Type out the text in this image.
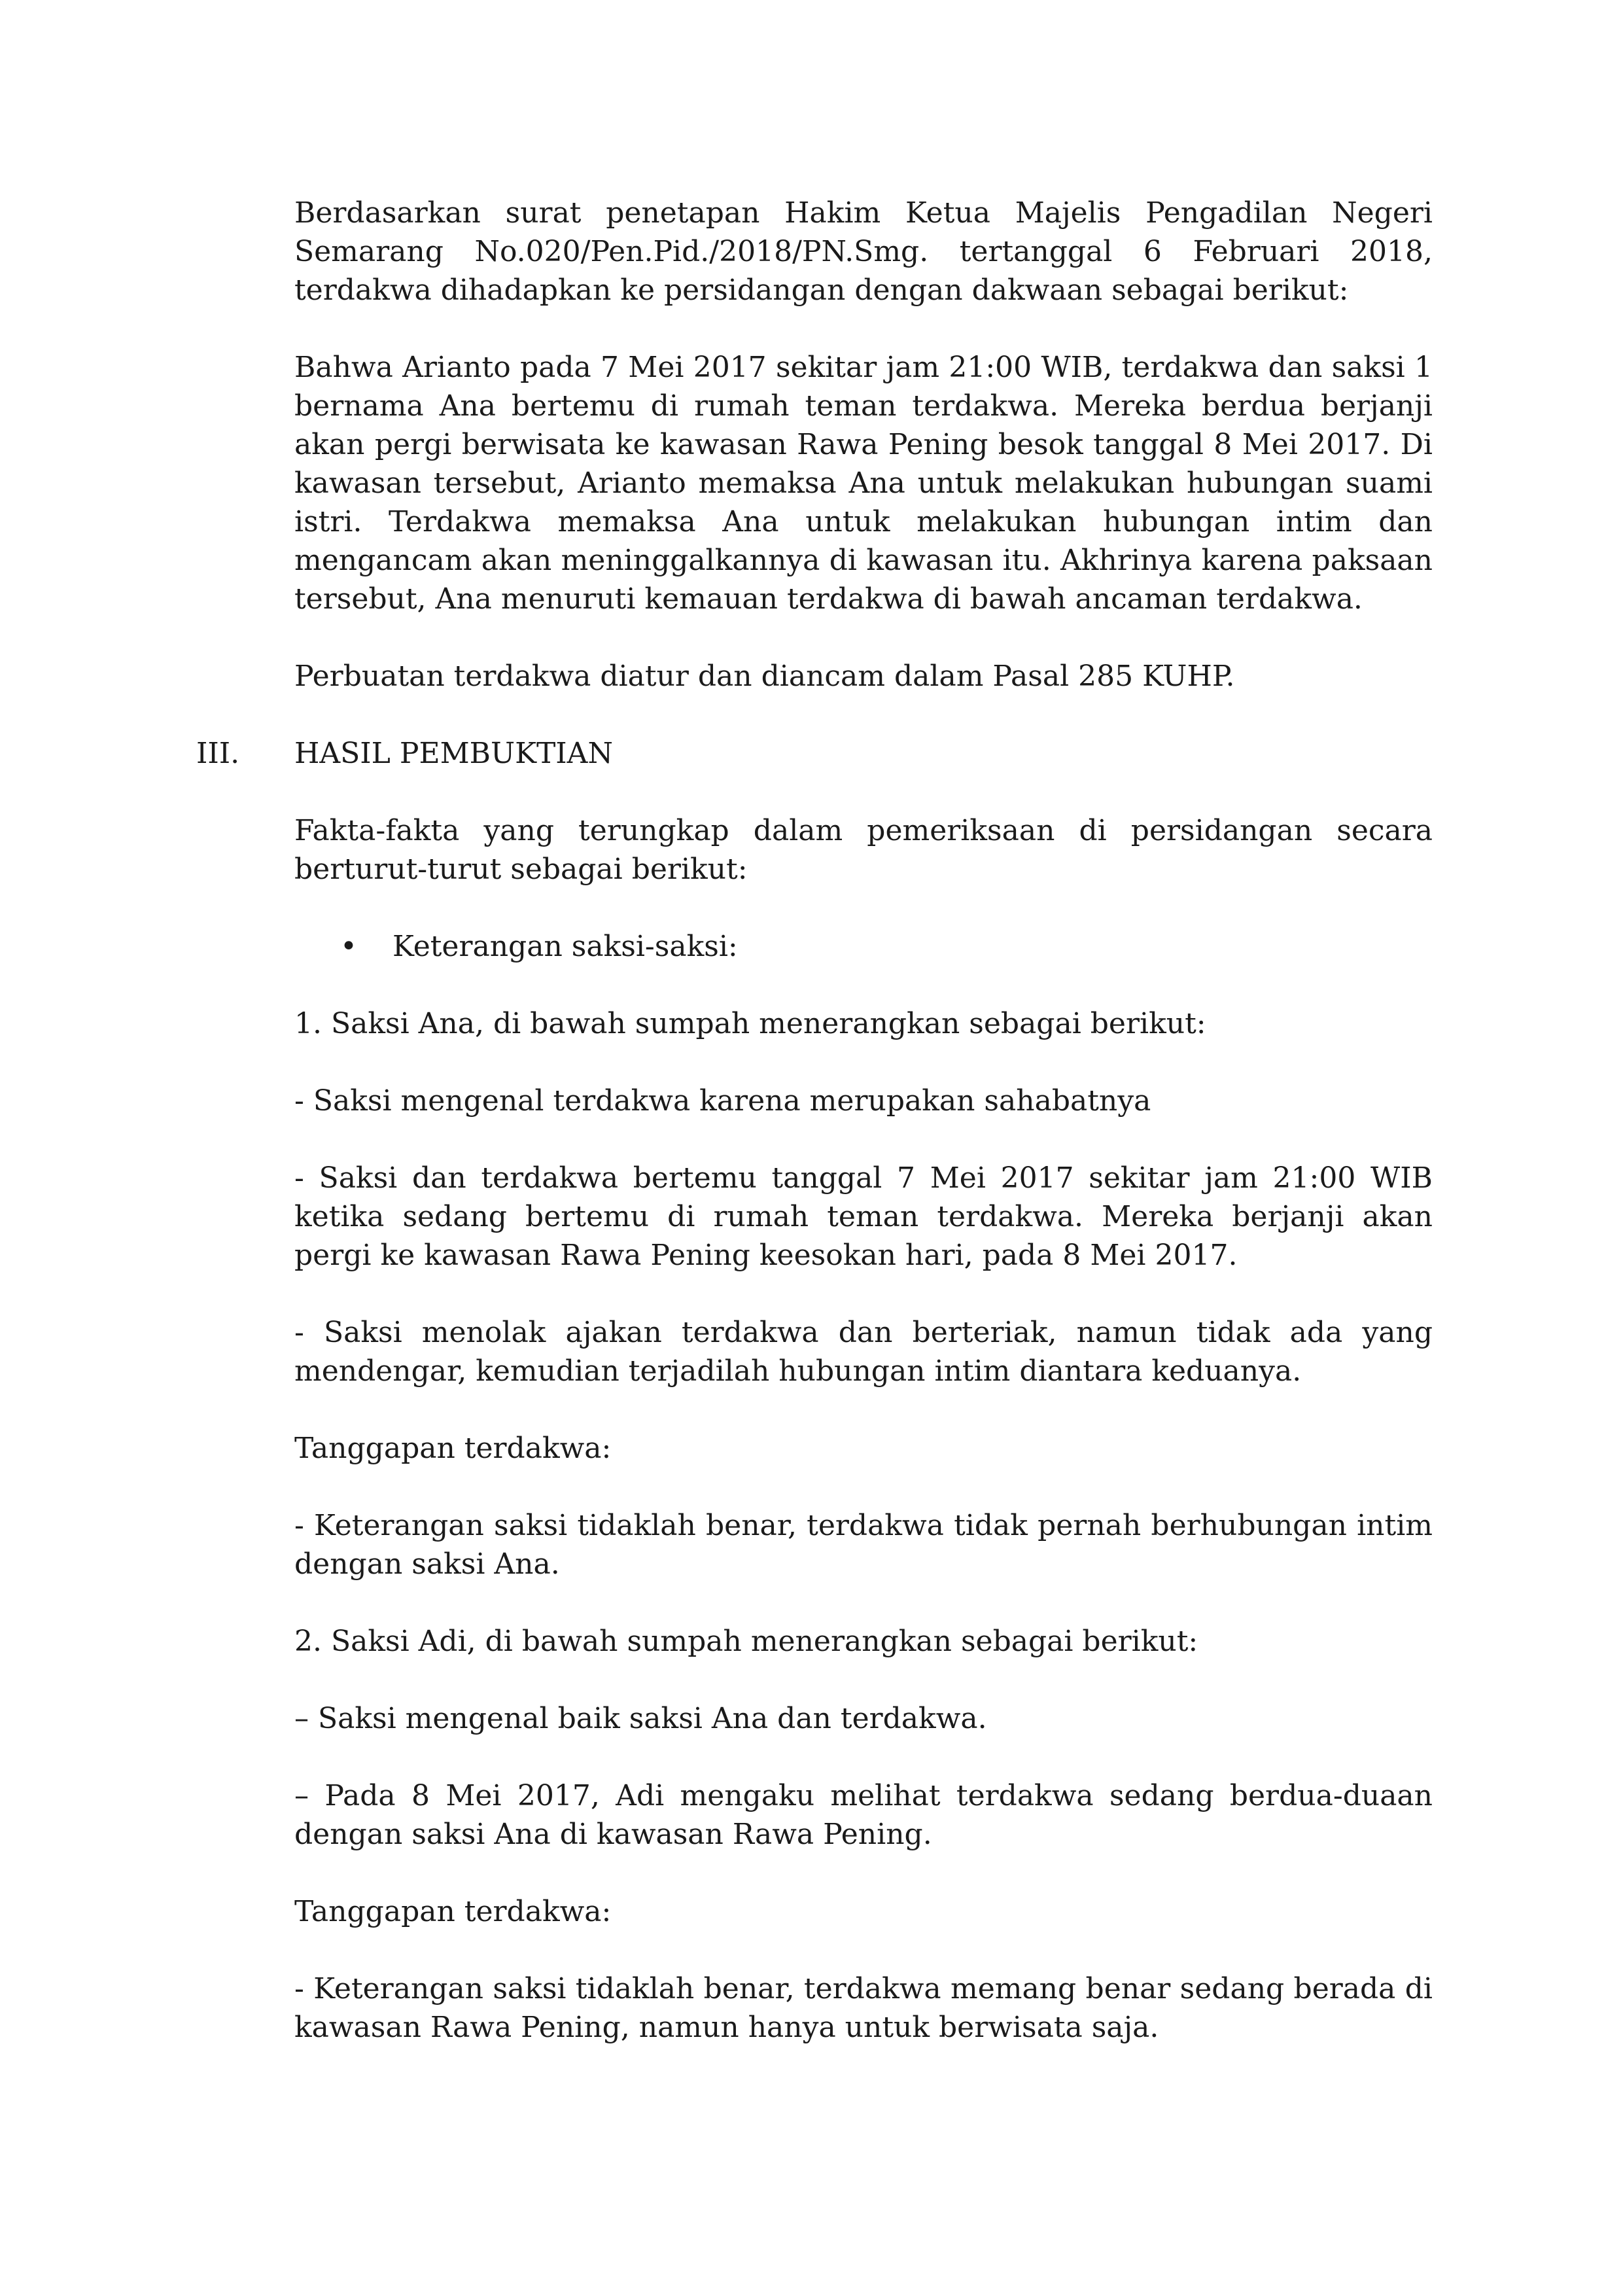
Berdasarkan surat penetapan Hakim Ketua Majelis Pengadilan Negeri Semarang No.020/Pen.Pid./2018/PN.Smg. tertanggal 6 Februari 2018, terdakwa dihadapkan ke persidangan dengan dakwaan sebagai berikut:

Bahwa Arianto pada 7 Mei 2017 sekitar jam 21:00 WIB, terdakwa dan saksi 1 bernama Ana bertemu di rumah teman terdakwa. Mereka berdua berjanji akan pergi berwisata ke kawasan Rawa Pening besok tanggal 8 Mei 2017. Di kawasan tersebut, Arianto memaksa Ana untuk melakukan hubungan suami istri. Terdakwa memaksa Ana untuk melakukan hubungan intim dan mengancam akan meninggalkannya di kawasan itu. Akhrinya karena paksaan tersebut, Ana menuruti kemauan terdakwa di bawah ancaman terdakwa.

Perbuatan terdakwa diatur dan diancam dalam Pasal 285 KUHP.

III. HASIL PEMBUKTIAN

Fakta-fakta yang terungkap dalam pemeriksaan di persidangan secara berturut-turut sebagai berikut:

• Keterangan saksi-saksi:

1. Saksi Ana, di bawah sumpah menerangkan sebagai berikut:

- Saksi mengenal terdakwa karena merupakan sahabatnya

- Saksi dan terdakwa bertemu tanggal 7 Mei 2017 sekitar jam 21:00 WIB ketika sedang bertemu di rumah teman terdakwa. Mereka berjanji akan pergi ke kawasan Rawa Pening keesokan hari, pada 8 Mei 2017.

- Saksi menolak ajakan terdakwa dan berteriak, namun tidak ada yang mendengar, kemudian terjadilah hubungan intim diantara keduanya.

Tanggapan terdakwa:

- Keterangan saksi tidaklah benar, terdakwa tidak pernah berhubungan intim dengan saksi Ana.

2. Saksi Adi, di bawah sumpah menerangkan sebagai berikut:

– Saksi mengenal baik saksi Ana dan terdakwa.

– Pada 8 Mei 2017, Adi mengaku melihat terdakwa sedang berdua-duaan dengan saksi Ana di kawasan Rawa Pening.

Tanggapan terdakwa:

- Keterangan saksi tidaklah benar, terdakwa memang benar sedang berada di kawasan Rawa Pening, namun hanya untuk berwisata saja.
